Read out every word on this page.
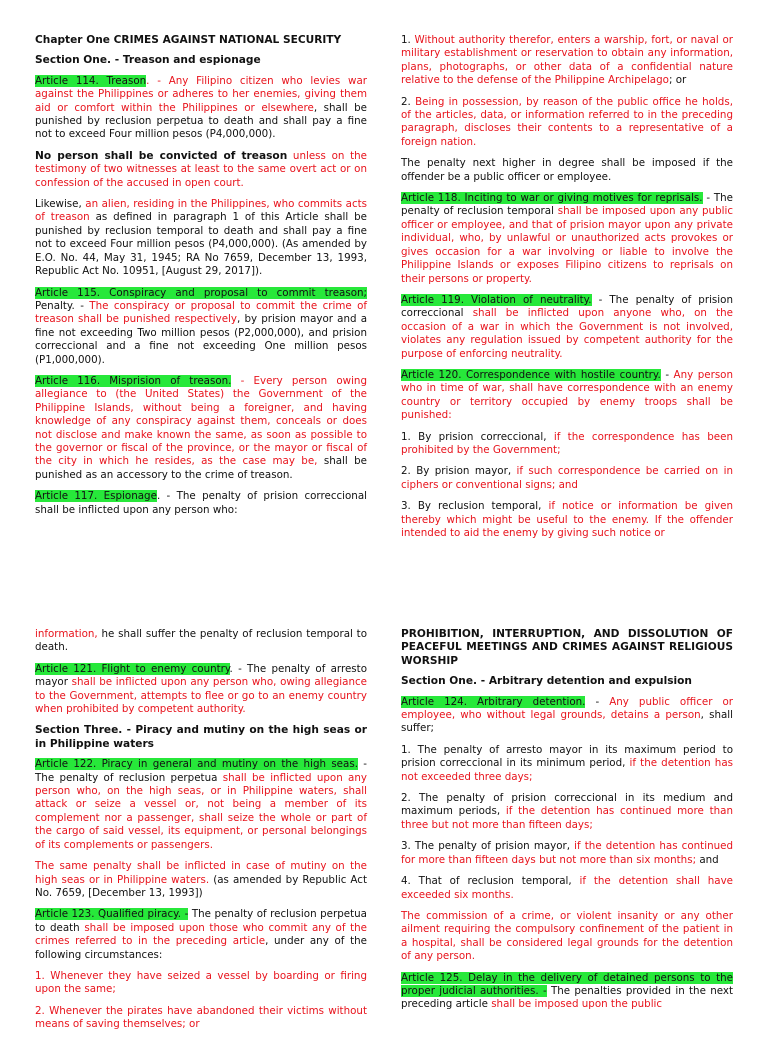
Chapter One CRIMES AGAINST NATIONAL SECURITY

Section One. - Treason and espionage

Article 114. Treason. - Any Filipino citizen who levies war against the Philippines or adheres to her enemies, giving them aid or comfort within the Philippines or elsewhere, shall be punished by reclusion perpetua to death and shall pay a fine not to exceed Four million pesos (P4,000,000).

No person shall be convicted of treason unless on the testimony of two witnesses at least to the same overt act or on confession of the accused in open court.

Likewise, an alien, residing in the Philippines, who commits acts of treason as defined in paragraph 1 of this Article shall be punished by reclusion temporal to death and shall pay a fine not to exceed Four million pesos (P4,000,000). (As amended by E.O. No. 44, May 31, 1945; RA No 7659, December 13, 1993, Republic Act No. 10951, [August 29, 2017]).

Article 115. Conspiracy and proposal to commit treason; Penalty. - The conspiracy or proposal to commit the crime of treason shall be punished respectively, by prision mayor and a fine not exceeding Two million pesos (P2,000,000), and prision correccional and a fine not exceeding One million pesos (P1,000,000).

Article 116. Misprision of treason. - Every person owing allegiance to (the United States) the Government of the Philippine Islands, without being a foreigner, and having knowledge of any conspiracy against them, conceals or does not disclose and make known the same, as soon as possible to the governor or fiscal of the province, or the mayor or fiscal of the city in which he resides, as the case may be, shall be punished as an accessory to the crime of treason.

Article 117. Espionage. - The penalty of prision correccional shall be inflicted upon any person who:

1. Without authority therefor, enters a warship, fort, or naval or military establishment or reservation to obtain any information, plans, photographs, or other data of a confidential nature relative to the defense of the Philippine Archipelago; or

2. Being in possession, by reason of the public office he holds, of the articles, data, or information referred to in the preceding paragraph, discloses their contents to a representative of a foreign nation.

The penalty next higher in degree shall be imposed if the offender be a public officer or employee.

Article 118. Inciting to war or giving motives for reprisals. - The penalty of reclusion temporal shall be imposed upon any public officer or employee, and that of prision mayor upon any private individual, who, by unlawful or unauthorized acts provokes or gives occasion for a war involving or liable to involve the Philippine Islands or exposes Filipino citizens to reprisals on their persons or property.

Article 119. Violation of neutrality. - The penalty of prision correccional shall be inflicted upon anyone who, on the occasion of a war in which the Government is not involved, violates any regulation issued by competent authority for the purpose of enforcing neutrality.

Article 120. Correspondence with hostile country. - Any person who in time of war, shall have correspondence with an enemy country or territory occupied by enemy troops shall be punished:

1. By prision correccional, if the correspondence has been prohibited by the Government;

2. By prision mayor, if such correspondence be carried on in ciphers or conventional signs; and

3. By reclusion temporal, if notice or information be given thereby which might be useful to the enemy. If the offender intended to aid the enemy by giving such notice or

information, he shall suffer the penalty of reclusion temporal to death.

Article 121. Flight to enemy country. - The penalty of arresto mayor shall be inflicted upon any person who, owing allegiance to the Government, attempts to flee or go to an enemy country when prohibited by competent authority.

Section Three. - Piracy and mutiny on the high seas or in Philippine waters

Article 122. Piracy in general and mutiny on the high seas. - The penalty of reclusion perpetua shall be inflicted upon any person who, on the high seas, or in Philippine waters, shall attack or seize a vessel or, not being a member of its complement nor a passenger, shall seize the whole or part of the cargo of said vessel, its equipment, or personal belongings of its complements or passengers.

The same penalty shall be inflicted in case of mutiny on the high seas or in Philippine waters. (as amended by Republic Act No. 7659, [December 13, 1993])

Article 123. Qualified piracy. - The penalty of reclusion perpetua to death shall be imposed upon those who commit any of the crimes referred to in the preceding article, under any of the following circumstances:

1. Whenever they have seized a vessel by boarding or firing upon the same;

2. Whenever the pirates have abandoned their victims without means of saving themselves; or

PROHIBITION, INTERRUPTION, AND DISSOLUTION OF PEACEFUL MEETINGS AND CRIMES AGAINST RELIGIOUS WORSHIP

Section One. - Arbitrary detention and expulsion

Article 124. Arbitrary detention. - Any public officer or employee, who without legal grounds, detains a person, shall suffer;

1. The penalty of arresto mayor in its maximum period to prision correccional in its minimum period, if the detention has not exceeded three days;

2. The penalty of prision correccional in its medium and maximum periods, if the detention has continued more than three but not more than fifteen days;

3. The penalty of prision mayor, if the detention has continued for more than fifteen days but not more than six months; and

4. That of reclusion temporal, if the detention shall have exceeded six months.

The commission of a crime, or violent insanity or any other ailment requiring the compulsory confinement of the patient in a hospital, shall be considered legal grounds for the detention of any person.

Article 125. Delay in the delivery of detained persons to the proper judicial authorities. - The penalties provided in the next preceding article shall be imposed upon the public
